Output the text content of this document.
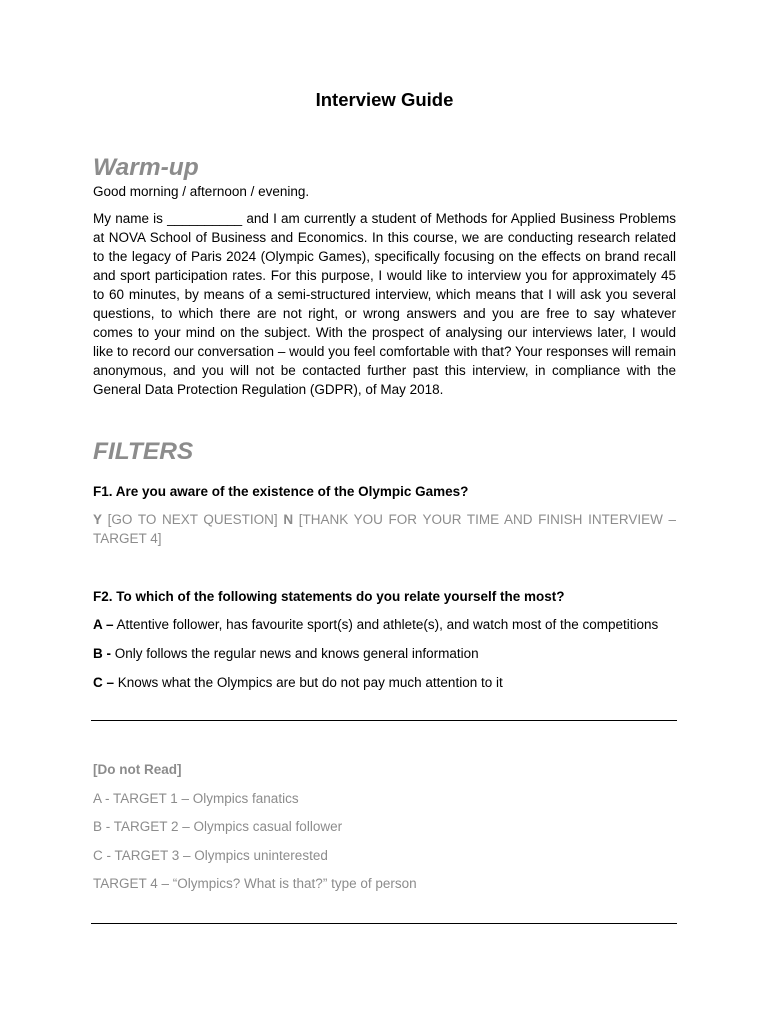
Interview Guide
Warm-up

Good morning / afternoon / evening.

My name is __________ and I am currently a student of Methods for Applied Business Problems at NOVA School of Business and Economics. In this course, we are conducting research related to the legacy of Paris 2024 (Olympic Games), specifically focusing on the effects on brand recall and sport participation rates. For this purpose, I would like to interview you for approximately 45 to 60 minutes, by means of a semi-structured interview, which means that I will ask you several questions, to which there are not right, or wrong answers and you are free to say whatever comes to your mind on the subject. With the prospect of analysing our interviews later, I would like to record our conversation – would you feel comfortable with that? Your responses will remain anonymous, and you will not be contacted further past this interview, in compliance with the General Data Protection Regulation (GDPR), of May 2018.

FILTERS

F1. Are you aware of the existence of the Olympic Games?

Y [GO TO NEXT QUESTION] N [THANK YOU FOR YOUR TIME AND FINISH INTERVIEW – TARGET 4]

F2. To which of the following statements do you relate yourself the most?

A – Attentive follower, has favourite sport(s) and athlete(s), and watch most of the competitions

B - Only follows the regular news and knows general information

C – Knows what the Olympics are but do not pay much attention to it

[Do not Read]

A - TARGET 1 – Olympics fanatics

B - TARGET 2 – Olympics casual follower

C - TARGET 3 – Olympics uninterested

TARGET 4 – “Olympics? What is that?” type of person
